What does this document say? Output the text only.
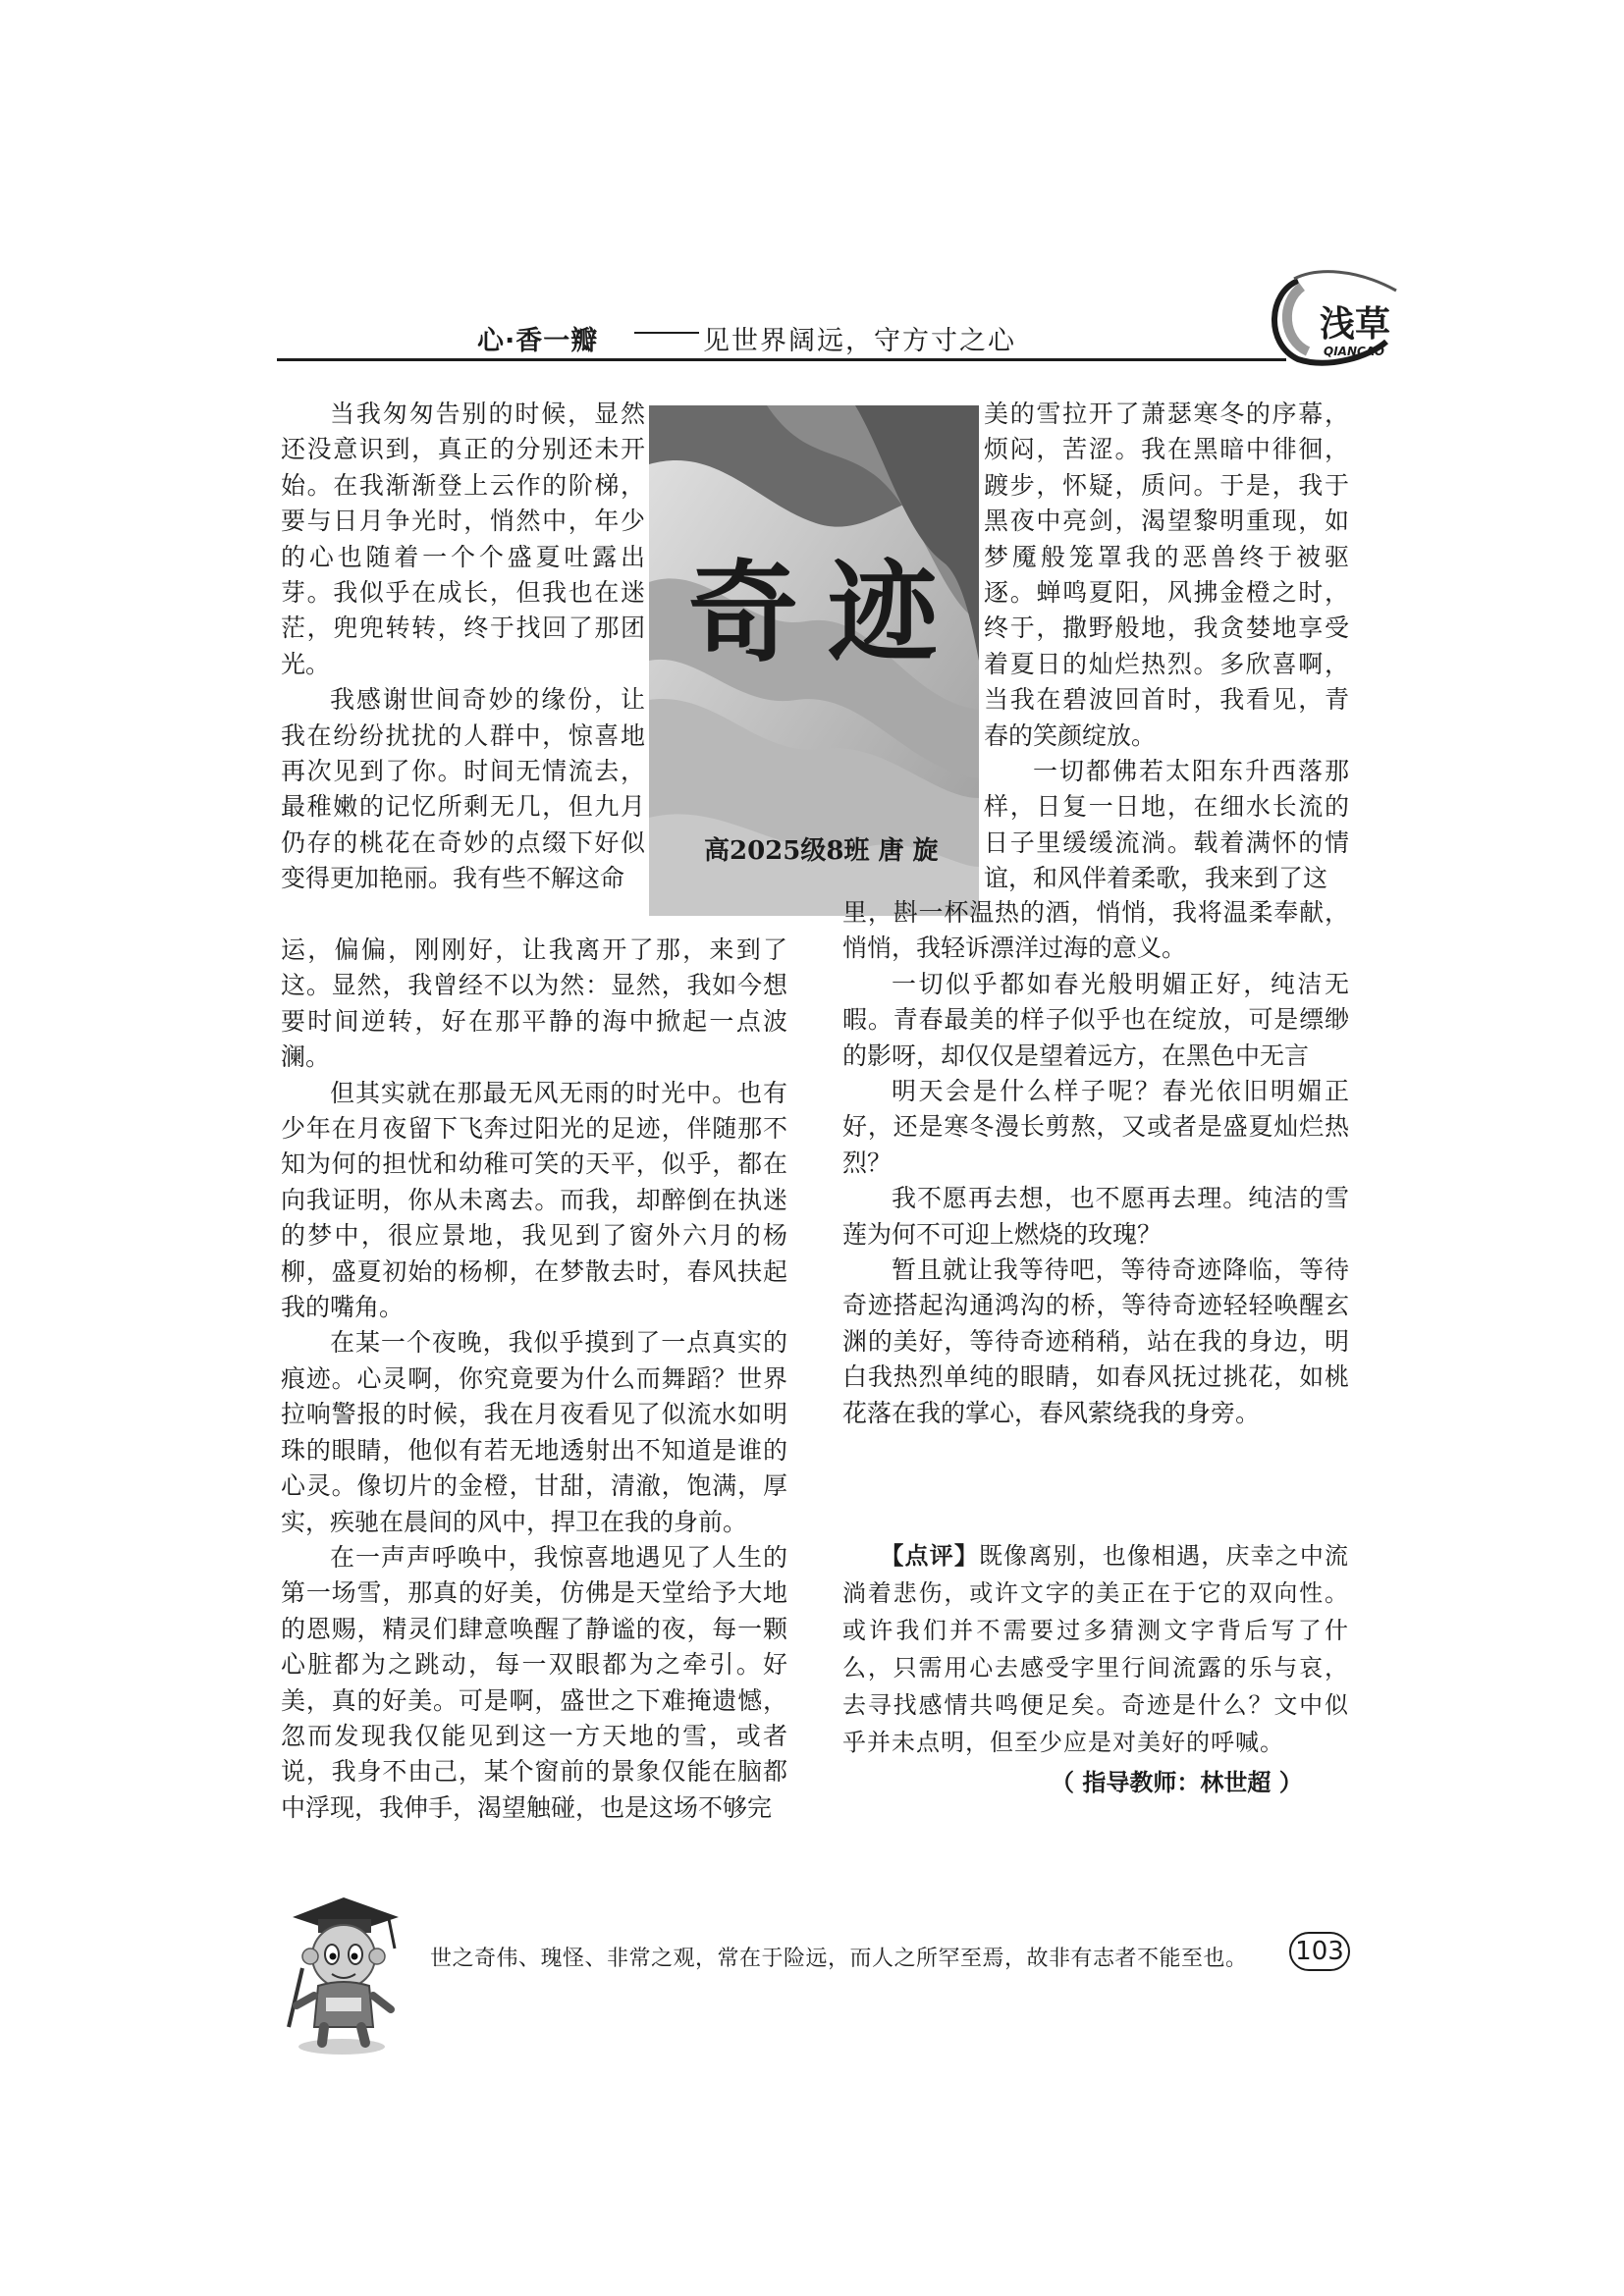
心·香一瓣	见世界阔远，守方寸之心	浅草
QIANCAO

当我匆匆告别的时候，显然还没意识到，真正的分别还未开始。在我渐渐登上云作的阶梯，要与日月争光时，悄然中，年少的心也随着一个个盛夏吐露出芽。我似乎在成长，但我也在迷茫，兜兜转转，终于找回了那团光。

我感谢世间奇妙的缘份，让我在纷纷扰扰的人群中，惊喜地再次见到了你。时间无情流去，最稚嫩的记忆所剩无几，但九月仍存的桃花在奇妙的点缀下好似变得更加艳丽。我有些不解这命

奇迹
高2025级8班 唐 旋

运，偏偏，刚刚好，让我离开了那，来到了这。显然，我曾经不以为然：显然，我如今想要时间逆转，好在那平静的海中掀起一点波澜。

但其实就在那最无风无雨的时光中。也有少年在月夜留下飞奔过阳光的足迹，伴随那不知为何的担忧和幼稚可笑的天平，似乎，都在向我证明，你从未离去。而我，却醉倒在执迷的梦中，很应景地，我见到了窗外六月的杨柳，盛夏初始的杨柳，在梦散去时，春风扶起我的嘴角。

在某一个夜晚，我似乎摸到了一点真实的痕迹。心灵啊，你究竟要为什么而舞蹈？世界拉响警报的时候，我在月夜看见了似流水如明珠的眼睛，他似有若无地透射出不知道是谁的心灵。像切片的金橙，甘甜，清澈，饱满，厚实，疾驰在晨间的风中，捍卫在我的身前。

在一声声呼唤中，我惊喜地遇见了人生的第一场雪，那真的好美，仿佛是天堂给予大地的恩赐，精灵们肆意唤醒了静谧的夜，每一颗心脏都为之跳动，每一双眼都为之牵引。好美，真的好美。可是啊，盛世之下难掩遗憾，忽而发现我仅能见到这一方天地的雪，或者说，我身不由己，某个窗前的景象仅能在脑都中浮现，我伸手，渴望触碰，也是这场不够完

美的雪拉开了萧瑟寒冬的序幕，烦闷，苦涩。我在黑暗中徘徊，踱步，怀疑，质问。于是，我于黑夜中亮剑，渴望黎明重现，如梦魇般笼罩我的恶兽终于被驱逐。蝉鸣夏阳，风拂金橙之时，终于，撒野般地，我贪婪地享受着夏日的灿烂热烈。多欣喜啊，当我在碧波回首时，我看见，青春的笑颜绽放。

一切都佛若太阳东升西落那样，日复一日地，在细水长流的日子里缓缓流淌。载着满怀的情谊，和风伴着柔歌，我来到了这

里，斟一杯温热的酒，悄悄，我将温柔奉献，悄悄，我轻诉漂洋过海的意义。

一切似乎都如春光般明媚正好，纯洁无暇。青春最美的样子似乎也在绽放，可是缥缈的影呀，却仅仅是望着远方，在黑色中无言

明天会是什么样子呢？春光依旧明媚正好，还是寒冬漫长剪熬，又或者是盛夏灿烂热烈？

我不愿再去想，也不愿再去理。纯洁的雪莲为何不可迎上燃烧的玫瑰？

暂且就让我等待吧，等待奇迹降临，等待奇迹搭起沟通鸿沟的桥，等待奇迹轻轻唤醒玄渊的美好，等待奇迹稍稍，站在我的身边，明白我热烈单纯的眼睛，如春风抚过挑花，如桃花落在我的掌心，春风萦绕我的身旁。

【点评】既像离别，也像相遇，庆幸之中流淌着悲伤，或许文字的美正在于它的双向性。或许我们并不需要过多猜测文字背后写了什么，只需用心去感受字里行间流露的乐与哀，去寻找感情共鸣便足矣。奇迹是什么？文中似乎并未点明，但至少应是对美好的呼喊。
（ 指导教师：林世超 ）
世之奇伟、瑰怪、非常之观，常在于险远，而人之所罕至焉，故非有志者不能至也。 103
